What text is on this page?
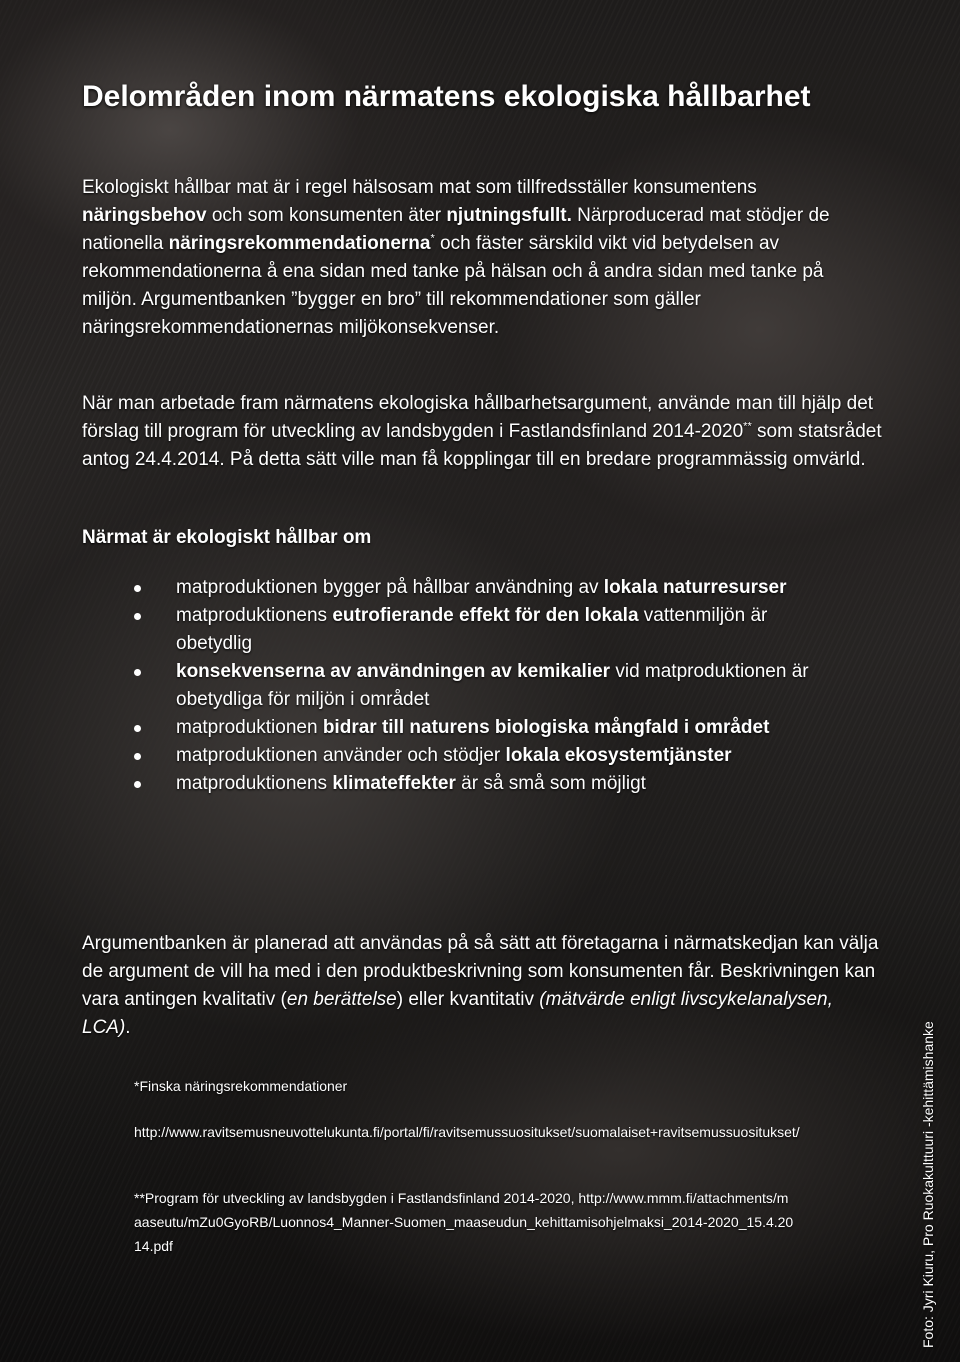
Delområden inom närmatens ekologiska hållbarhet

Ekologiskt hållbar mat är i regel hälsosam mat som tillfredsställer konsumentens näringsbehov och som konsumenten äter njutningsfullt. Närproducerad mat stödjer de nationella näringsrekommendationerna* och fäster särskild vikt vid betydelsen av rekommendationerna å ena sidan med tanke på hälsan och å andra sidan med tanke på miljön. Argumentbanken ”bygger en bro” till rekommendationer som gäller näringsrekommendationernas miljökonsekvenser.

När man arbetade fram närmatens ekologiska hållbarhetsargument, använde man till hjälp det förslag till program för utveckling av landsbygden i Fastlandsfinland 2014-2020** som statsrådet antog 24.4.2014. På detta sätt ville man få kopplingar till en bredare programmässig omvärld.

Närmat är ekologiskt hållbar om
matproduktionen bygger på hållbar användning av lokala naturresurser
matproduktionens eutrofierande effekt för den lokala vattenmiljön är obetydlig
konsekvenserna av användningen av kemikalier vid matproduktionen är obetydliga för miljön i området
matproduktionen bidrar till naturens biologiska mångfald i området
matproduktionen använder och stödjer lokala ekosystemtjänster
matproduktionens klimateffekter är så små som möjligt

Argumentbanken är planerad att användas på så sätt att företagarna i närmatskedjan kan välja de argument de vill ha med i den produktbeskrivning som konsumenten får. Beskrivningen kan vara antingen kvalitativ (en berättelse) eller kvantitativ (mätvärde enligt livscykelanalysen, LCA).

*Finska näringsrekommendationer

http://www.ravitsemusneuvottelukunta.fi/portal/fi/ravitsemussuositukset/suomalaiset+ravitsemussuositukset/

**Program för utveckling av landsbygden i Fastlandsfinland 2014-2020, http://www.mmm.fi/attachments/maaseutu/mZu0GyoRB/Luonnos4_Manner-Suomen_maaseudun_kehittamisohjelmaksi_2014-2020_15.4.2014.pdf	Foto: Jyri Kiuru, Pro Ruokakulttuuri -kehittämishanke
